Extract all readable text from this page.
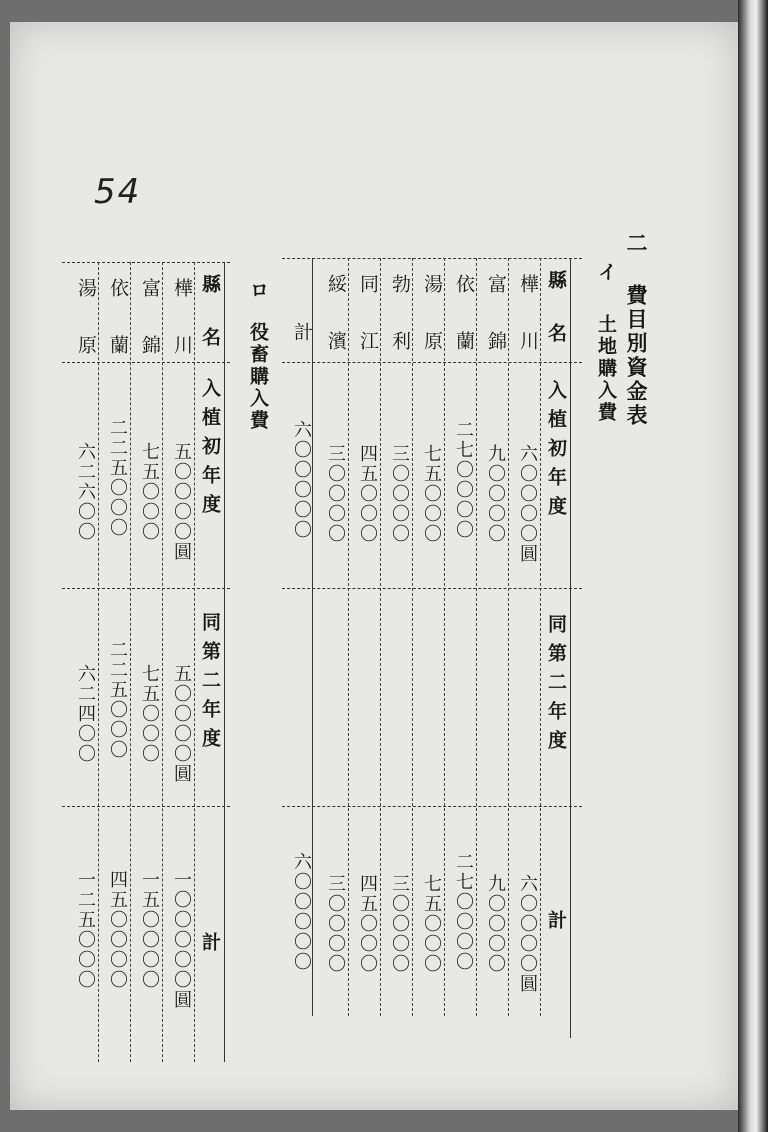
54
二
費目別資金表
イ
土地購入費
縣名
入植初年度
同第二年度
計
樺川
六〇〇〇〇圓
六〇〇〇〇圓
富錦
九〇〇〇〇
九〇〇〇〇
依蘭
二七〇〇〇〇
二七〇〇〇〇
湯原
七五〇〇〇
七五〇〇〇
勃利
三〇〇〇〇
三〇〇〇〇
同江
四五〇〇〇
四五〇〇〇
綏濱
三〇〇〇〇
三〇〇〇〇
計
六〇〇〇〇〇
六〇〇〇〇〇
ロ
役畜購入費
縣名
入植初年度
同第二年度
計
樺川
五〇〇〇〇圓
五〇〇〇〇圓
一〇〇〇〇〇圓
富錦
七五〇〇〇
七五〇〇〇
一五〇〇〇〇
依蘭
二二五〇〇〇
二二五〇〇〇
四五〇〇〇〇
湯原
六二六〇〇
六二四〇〇
一二五〇〇〇
